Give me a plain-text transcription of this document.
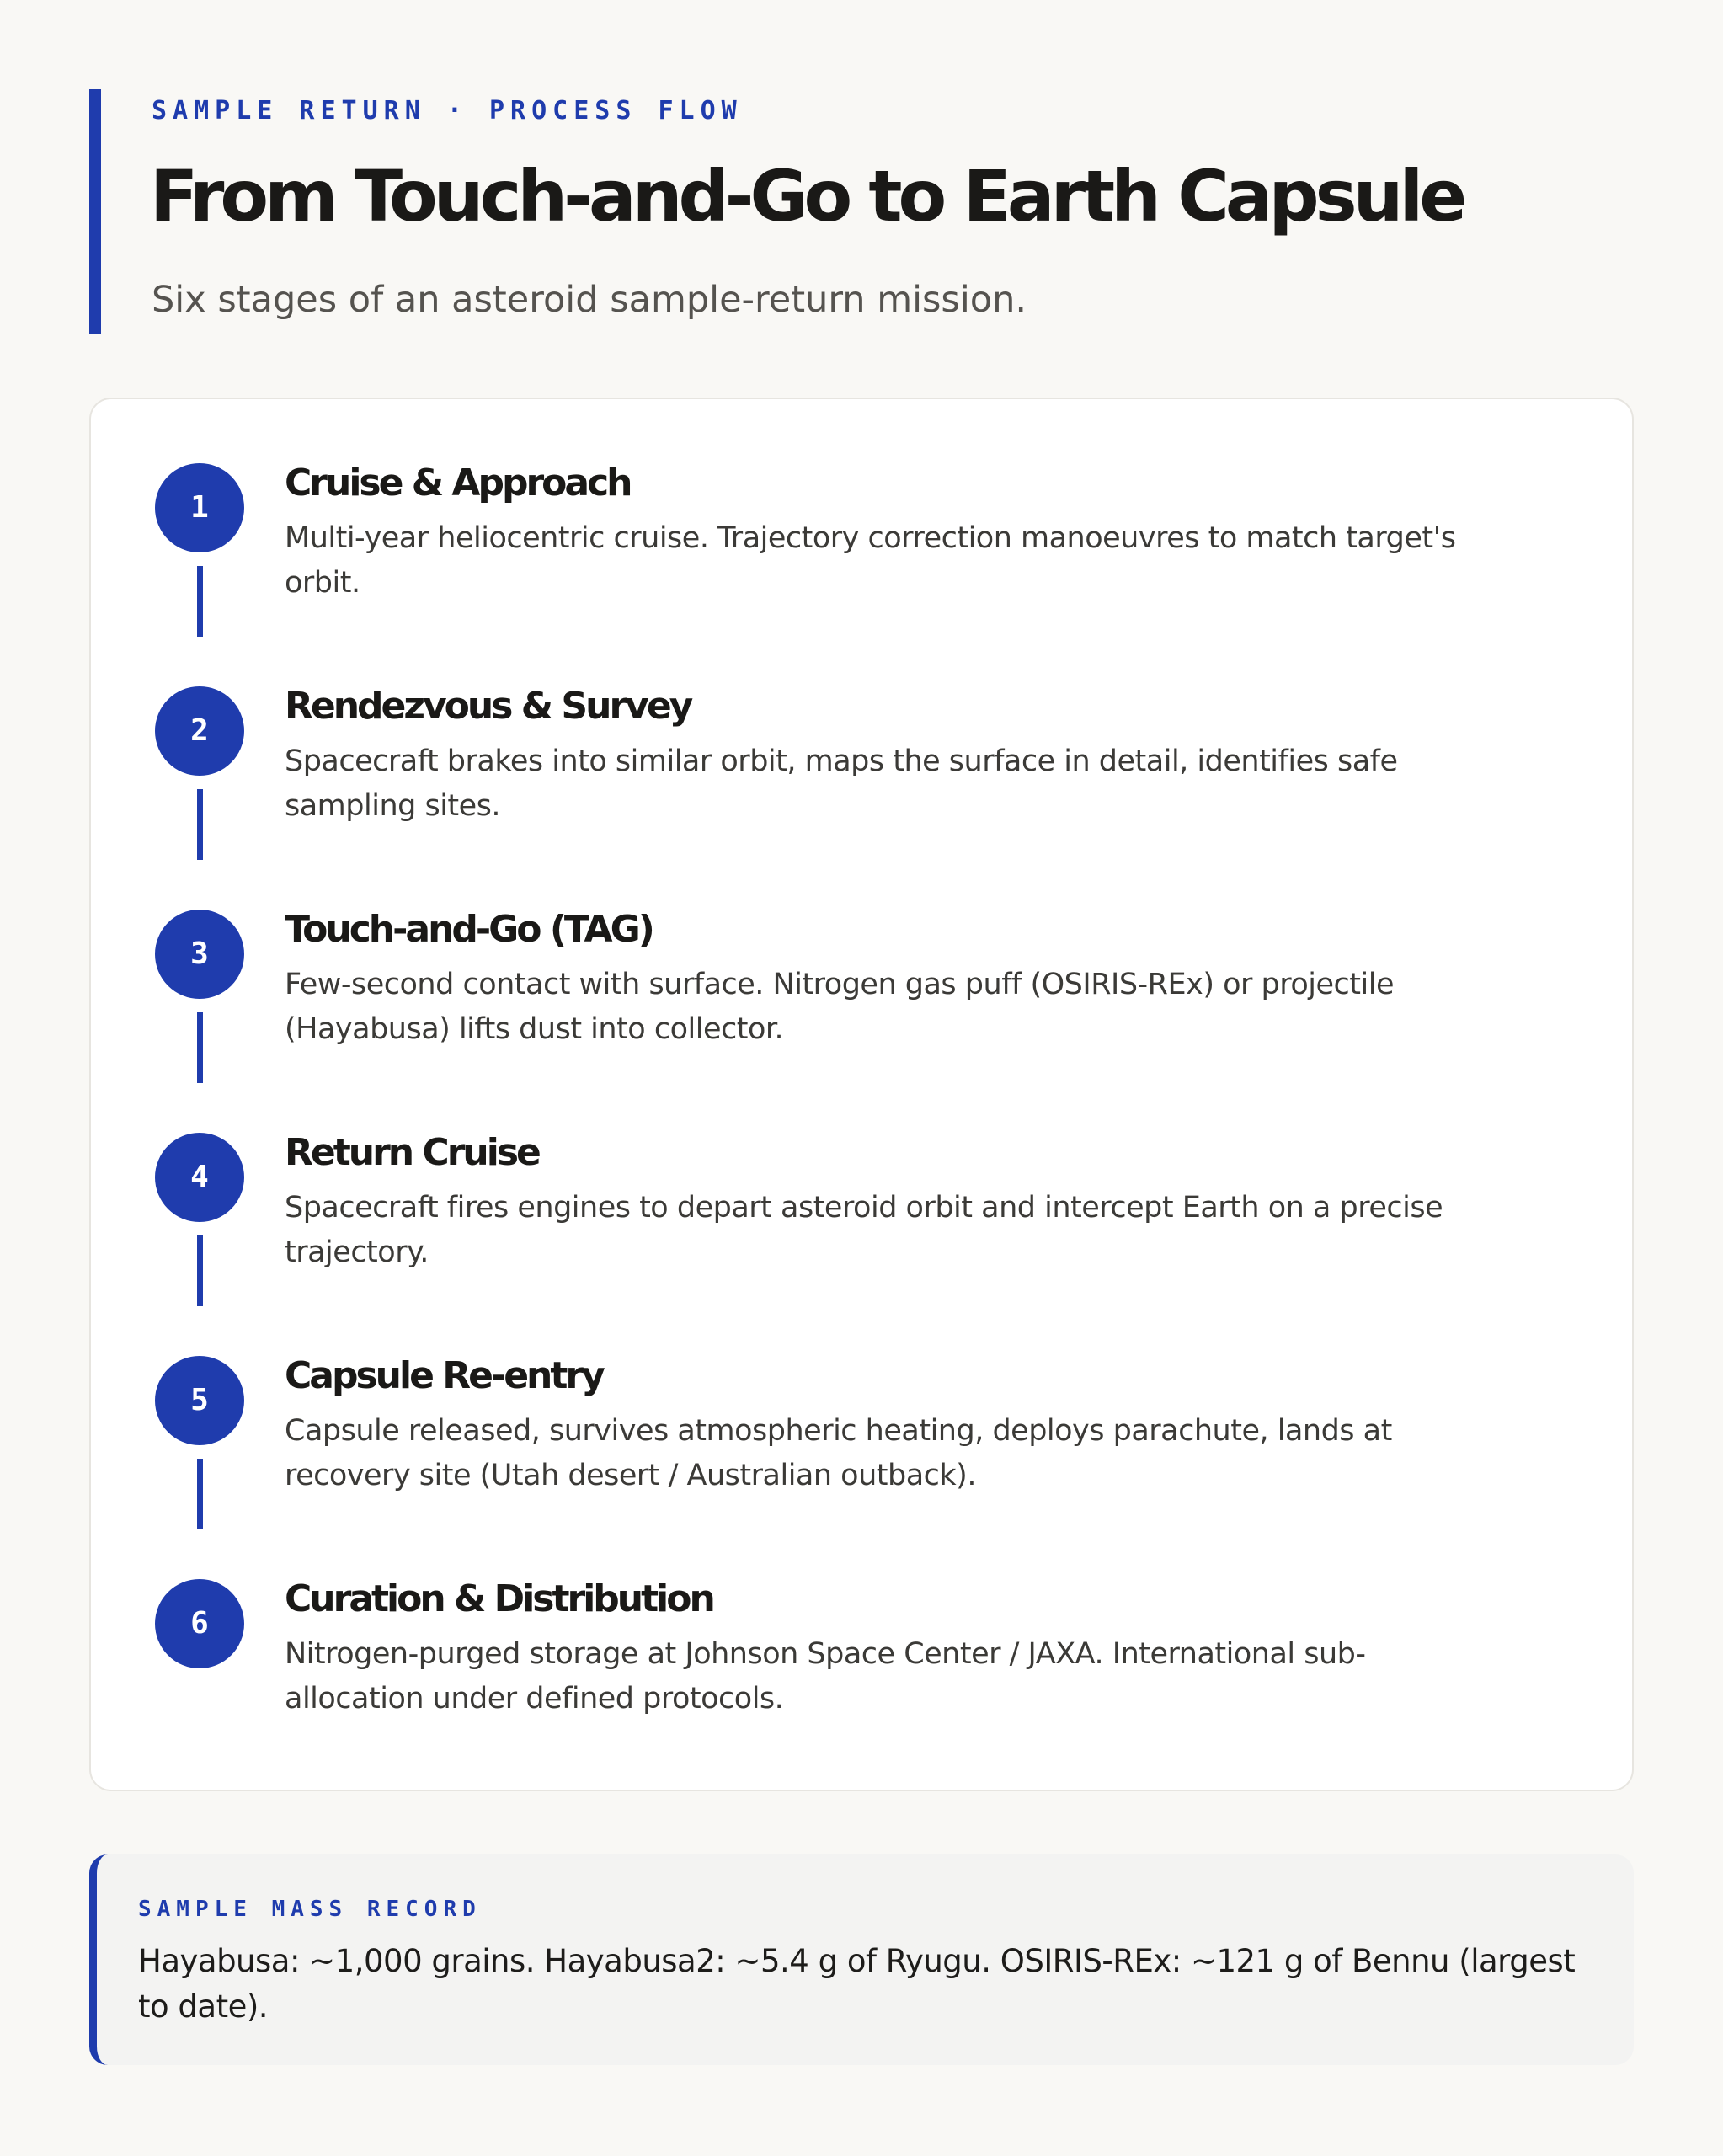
SAMPLE RETURN · PROCESS FLOW
From Touch-and-Go to Earth Capsule
Six stages of an asteroid sample-return mission.
1
Cruise & Approach
Multi-year heliocentric cruise. Trajectory correction manoeuvres to match target's orbit.
2
Rendezvous & Survey
Spacecraft brakes into similar orbit, maps the surface in detail, identifies safe sampling sites.
3
Touch-and-Go (TAG)
Few-second contact with surface. Nitrogen gas puff (OSIRIS-REx) or projectile (Hayabusa) lifts dust into collector.
4
Return Cruise
Spacecraft fires engines to depart asteroid orbit and intercept Earth on a precise trajectory.
5
Capsule Re-entry
Capsule released, survives atmospheric heating, deploys parachute, lands at recovery site (Utah desert / Australian outback).
6
Curation & Distribution
Nitrogen-purged storage at Johnson Space Center / JAXA. International sub-allocation under defined protocols.
SAMPLE MASS RECORD
Hayabusa: ~1,000 grains. Hayabusa2: ~5.4 g of Ryugu. OSIRIS-REx: ~121 g of Bennu (largest to date).
